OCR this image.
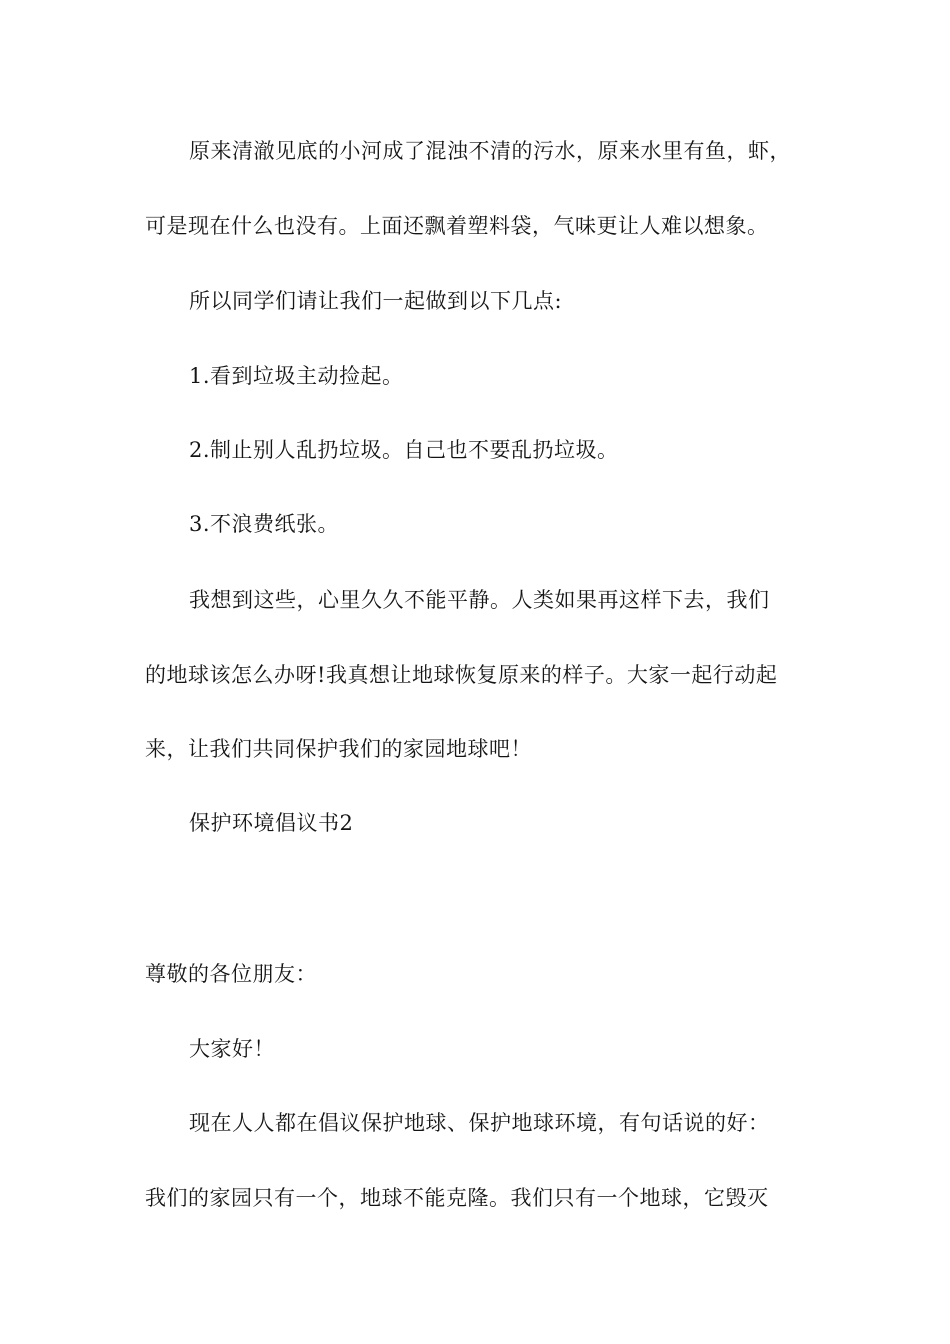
原来清澈见底的小河成了混浊不清的污水，原来水里有鱼，虾，

可是现在什么也没有。上面还飘着塑料袋，气味更让人难以想象。

所以同学们请让我们一起做到以下几点:

1.看到垃圾主动捡起。

2.制止别人乱扔垃圾。自己也不要乱扔垃圾。

3.不浪费纸张。

我想到这些，心里久久不能平静。人类如果再这样下去，我们

的地球该怎么办呀!我真想让地球恢复原来的样子。大家一起行动起

来，让我们共同保护我们的家园地球吧！

保护环境倡议书2

尊敬的各位朋友：

大家好！

现在人人都在倡议保护地球、保护地球环境，有句话说的好：

我们的家园只有一个，地球不能克隆。我们只有一个地球，它毁灭
